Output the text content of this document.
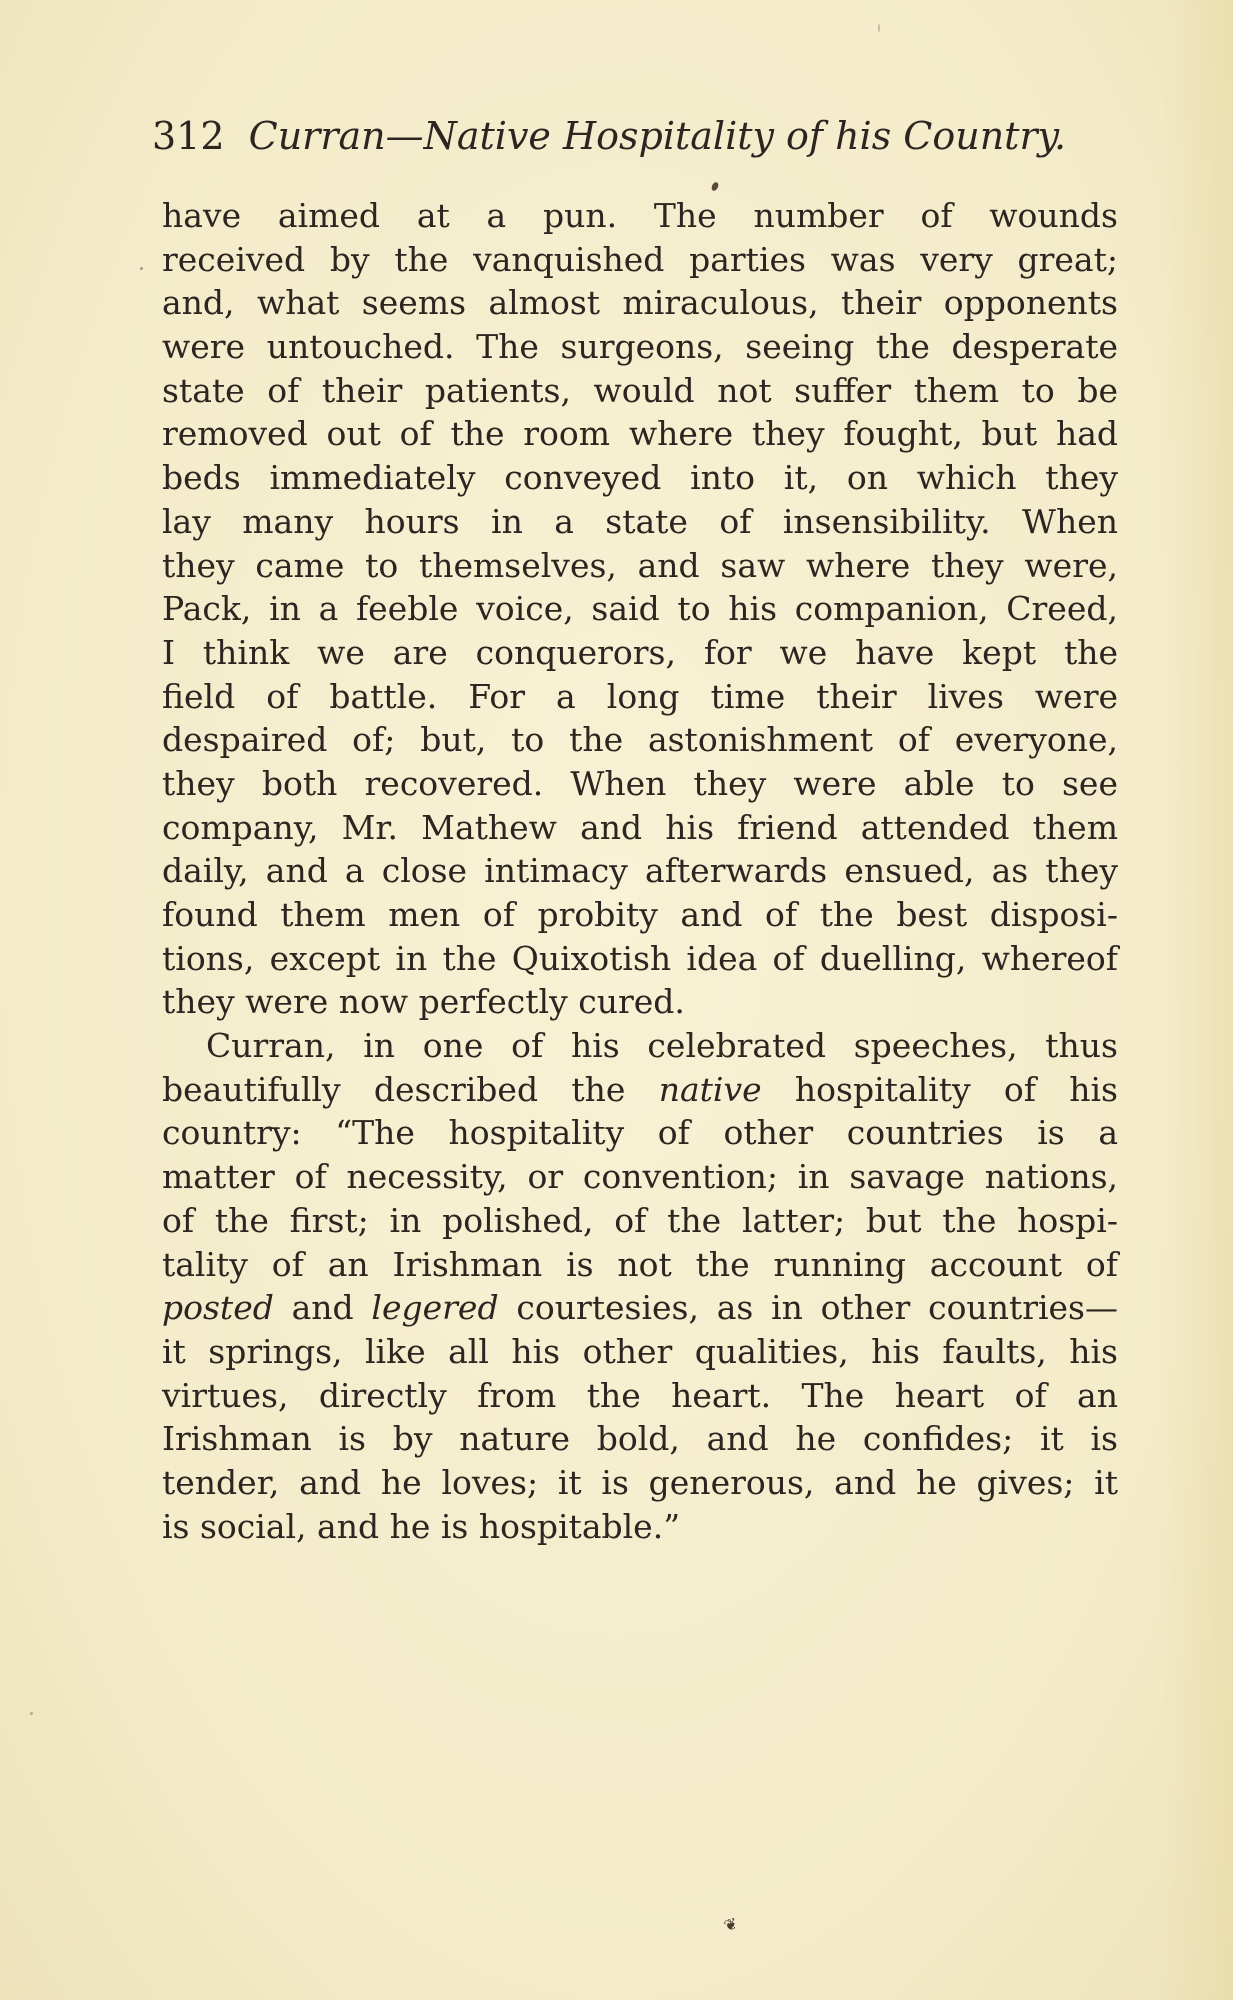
312 Curran—Native Hospitality of his Country.
have aimed at a pun. The number of wounds
received by the vanquished parties was very great;
and, what seems almost miraculous, their opponents
were untouched. The surgeons, seeing the desperate
state of their patients, would not suffer them to be
removed out of the room where they fought, but had
beds immediately conveyed into it, on which they
lay many hours in a state of insensibility. When
they came to themselves, and saw where they were,
Pack, in a feeble voice, said to his companion, Creed,
I think we are conquerors, for we have kept the
field of battle. For a long time their lives were
despaired of; but, to the astonishment of everyone,
they both recovered. When they were able to see
company, Mr. Mathew and his friend attended them
daily, and a close intimacy afterwards ensued, as they
found them men of probity and of the best disposi-
tions, except in the Quixotish idea of duelling, whereof
they were now perfectly cured.
Curran, in one of his celebrated speeches, thus
beautifully described the native hospitality of his
country: “The hospitality of other countries is a
matter of necessity, or convention; in savage nations,
of the first; in polished, of the latter; but the hospi-
tality of an Irishman is not the running account of
posted and legered courtesies, as in other countries—
it springs, like all his other qualities, his faults, his
virtues, directly from the heart. The heart of an
Irishman is by nature bold, and he confides; it is
tender, and he loves; it is generous, and he gives; it
is social, and he is hospitable.”
❦
